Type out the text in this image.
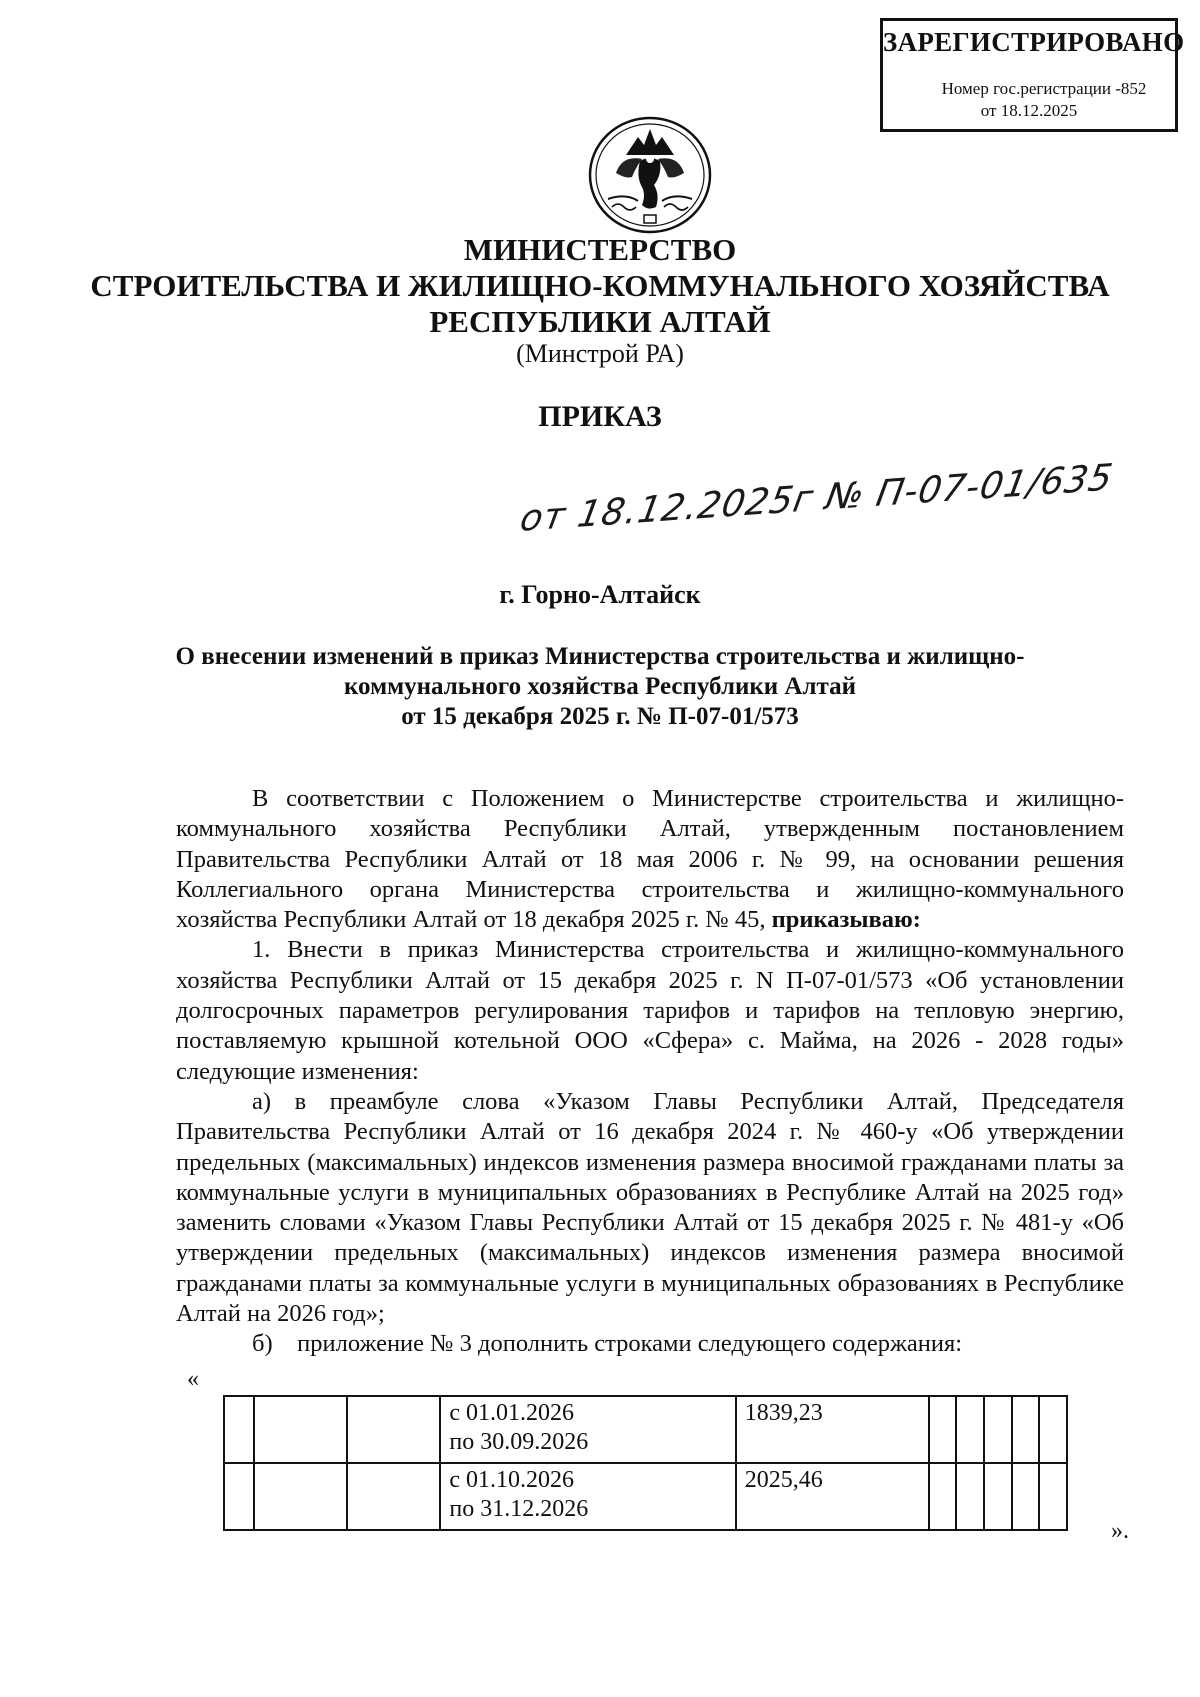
ЗАРЕГИСТРИРОВАНО
Номер гос.регистрации -852
от 18.12.2025
МИНИСТЕРСТВО
СТРОИТЕЛЬСТВА И ЖИЛИЩНО-КОММУНАЛЬНОГО ХОЗЯЙСТВА
РЕСПУБЛИКИ АЛТАЙ
(Минстрой РА)
ПРИКАЗ
от 18.12.2025г № П-07-01/635
г. Горно-Алтайск
О внесении изменений в приказ Министерства строительства и жилищно-
коммунального хозяйства Республики Алтай
от 15 декабря 2025 г. № П-07-01/573

В соответствии с Положением о Министерстве строительства и жилищно-коммунального хозяйства Республики Алтай, утвержденным постановлением Правительства Республики Алтай от 18 мая 2006 г. № 99, на основании решения Коллегиального органа Министерства строительства и жилищно-коммунального хозяйства Республики Алтай от 18 декабря 2025 г. № 45, приказываю:

1. Внести в приказ Министерства строительства и жилищно-коммунального хозяйства Республики Алтай от 15 декабря 2025 г. N П-07-01/573 «Об установлении долгосрочных параметров регулирования тарифов и тарифов на тепловую энергию, поставляемую крышной котельной ООО «Сфера» с. Майма, на 2026 - 2028 годы» следующие изменения:

а) в преамбуле слова «Указом Главы Республики Алтай, Председателя Правительства Республики Алтай от 16 декабря 2024 г. № 460-у «Об утверждении предельных (максимальных) индексов изменения размера вносимой гражданами платы за коммунальные услуги в муниципальных образованиях в Республике Алтай на 2025 год» заменить словами «Указом Главы Республики Алтай от 15 декабря 2025 г. № 481-у «Об утверждении предельных (максимальных) индексов изменения размера вносимой гражданами платы за коммунальные услуги в муниципальных образованиях в Республике Алтай на 2026 год»;

б)    приложение № 3 дополнить строками следующего содержания:

«

			с 01.01.2026
по 30.09.2026	1839,23					

			с 01.10.2026
по 31.12.2026	2025,46					
».
